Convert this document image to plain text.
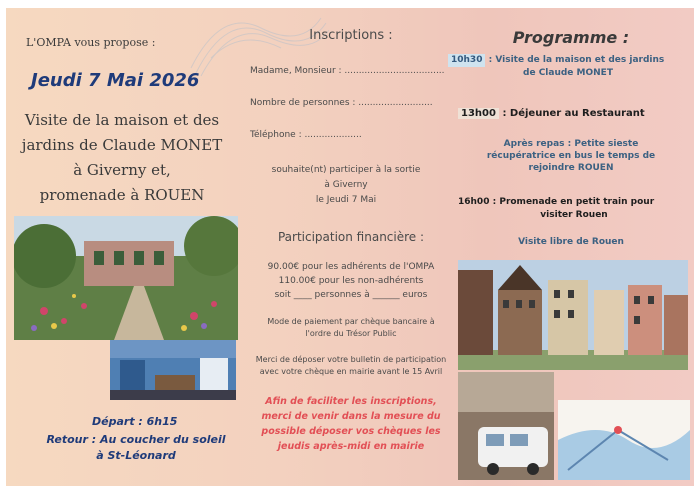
L'OMPA vous propose :
Jeudi 7 Mai 2026
Visite de la maison et des
jardins de Claude MONET
à Giverny et,
promenade à ROUEN
Départ : 6h15
Retour : Au coucher du soleil
à St-Léonard
Inscriptions :
Madame, Monsieur : ...................................
Nombre de personnes : ..........................
Téléphone : ....................
souhaite(nt) participer à la sortie
à Giverny
le Jeudi 7 Mai
Participation financière :
90.00€ pour les adhérents de l'OMPA
110.00€ pour les non-adhérents
soit ____ personnes à ______ euros
Mode de paiement par chèque bancaire à
l'ordre du Trésor Public
Merci de déposer votre bulletin de participation
avec votre chèque en mairie avant le 15 Avril
Afin de faciliter les inscriptions,
merci de venir dans la mesure du
possible déposer vos chèques les
jeudis après-midi en mairie
Programme :
10h30 : Visite de la maison et des jardins
de Claude MONET
13h00 : Déjeuner au Restaurant
Après repas : Petite sieste
récupératrice en bus le temps de
rejoindre ROUEN
16h00 : Promenade en petit train pour
visiter Rouen
Visite libre de Rouen
